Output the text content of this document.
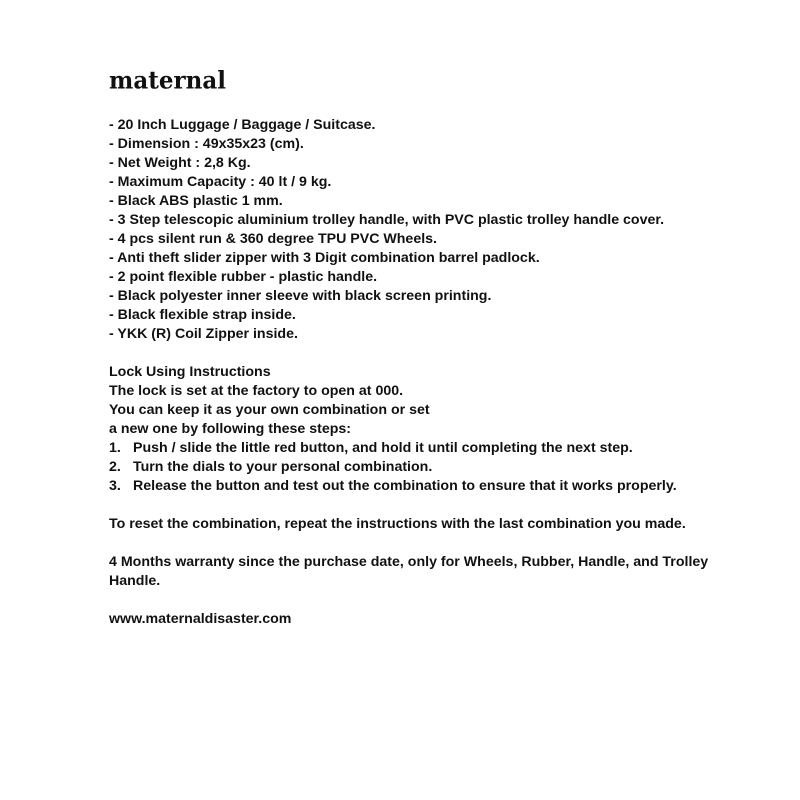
maternal
- 20 Inch Luggage / Baggage / Suitcase.
- Dimension : 49x35x23 (cm).
- Net Weight : 2,8 Kg.
- Maximum Capacity : 40 lt / 9 kg.
- Black ABS plastic 1 mm.
- 3 Step telescopic aluminium trolley handle, with PVC plastic trolley handle cover.
- 4 pcs silent run & 360 degree TPU PVC Wheels.
- Anti theft slider zipper with 3 Digit combination barrel padlock.
- 2 point flexible rubber - plastic handle.
- Black polyester inner sleeve with black screen printing.
- Black flexible strap inside.
- YKK (R) Coil Zipper inside.

Lock Using Instructions

The lock is set at the factory to open at 000.

You can keep it as your own combination or set

a new one by following these steps:

1. Push / slide the little red button, and hold it until completing the next step.
2. Turn the dials to your personal combination.
3. Release the button and test out the combination to ensure that it works properly.

To reset the combination, repeat the instructions with the last combination you made.

4 Months warranty since the purchase date, only for Wheels, Rubber, Handle, and Trolley Handle.

www.maternaldisaster.com
